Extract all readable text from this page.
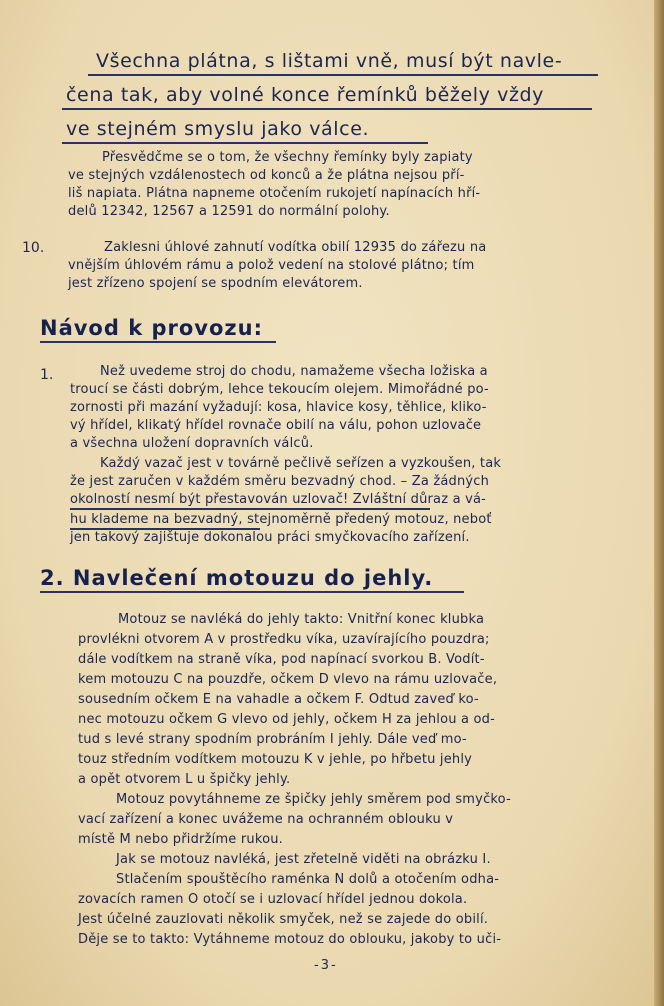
Všechna plátna, s lištami vně, musí být navle-
čena tak, aby volné konce řemínků běžely vždy
ve stejném smyslu jako válce.
Přesvědčme se o tom, že všechny řemínky byly zapiaty
ve stejných vzdálenostech od konců a že plátna nejsou pří-
liš napiata. Plátna napneme otočením rukojetí napínacích hří-
delů 12342, 12567 a 12591 do normální polohy.
10.	Zaklesni úhlové zahnutí vodítka obilí 12935 do zářezu na
vnějším úhlovém rámu a polož vedení na stolové plátno; tím
jest zřízeno spojení se spodním elevátorem.
Návod k provozu:
1.	Než uvedeme stroj do chodu, namažeme všecha ložiska a
troucí se části dobrým, lehce tekoucím olejem. Mimořádné po-
zornosti při mazání vyžadují: kosa, hlavice kosy, těhlice, kliko-
vý hřídel, klikatý hřídel rovnače obilí na válu, pohon uzlovače
a všechna uložení dopravních válců.
Každý vazač jest v továrně pečlivě seřízen a vyzkoušen, tak
že jest zaručen v každém směru bezvadný chod. – Za žádných
okolností nesmí být přestavován uzlovač! Zvláštní důraz a vá-
hu klademe na bezvadný, stejnoměrně předený motouz, neboť
jen takový zajištuje dokonalou práci smyčkovacího zařízení.
2. Navlečení motouzu do jehly.
Motouz se navléká do jehly takto: Vnitřní konec klubka
provlékni otvorem A v prostředku víka, uzavírajícího pouzdra;
dále vodítkem na straně víka, pod napínací svorkou B. Vodít-
kem motouzu C na pouzdře, očkem D vlevo na rámu uzlovače,
sousedním očkem E na vahadle a očkem F. Odtud zaveď ko-
nec motouzu očkem G vlevo od jehly, očkem H za jehlou a od-
tud s levé strany spodním probráním I jehly. Dále veď mo-
touz středním vodítkem motouzu K v jehle, po hřbetu jehly
a opět otvorem L u špičky jehly.
Motouz povytáhneme ze špičky jehly směrem pod smyčko-
vací zařízení a konec uvážeme na ochranném oblouku v
místě M nebo přidržíme rukou.
Jak se motouz navléká, jest zřetelně viděti na obrázku I.
Stlačením spouštěcího raménka N dolů a otočením odha-
zovacích ramen O otočí se i uzlovací hřídel jednou dokola.
Jest účelné zauzlovati několik smyček, než se zajede do obilí.
Děje se to takto: Vytáhneme motouz do oblouku, jakoby to uči-
-3-
